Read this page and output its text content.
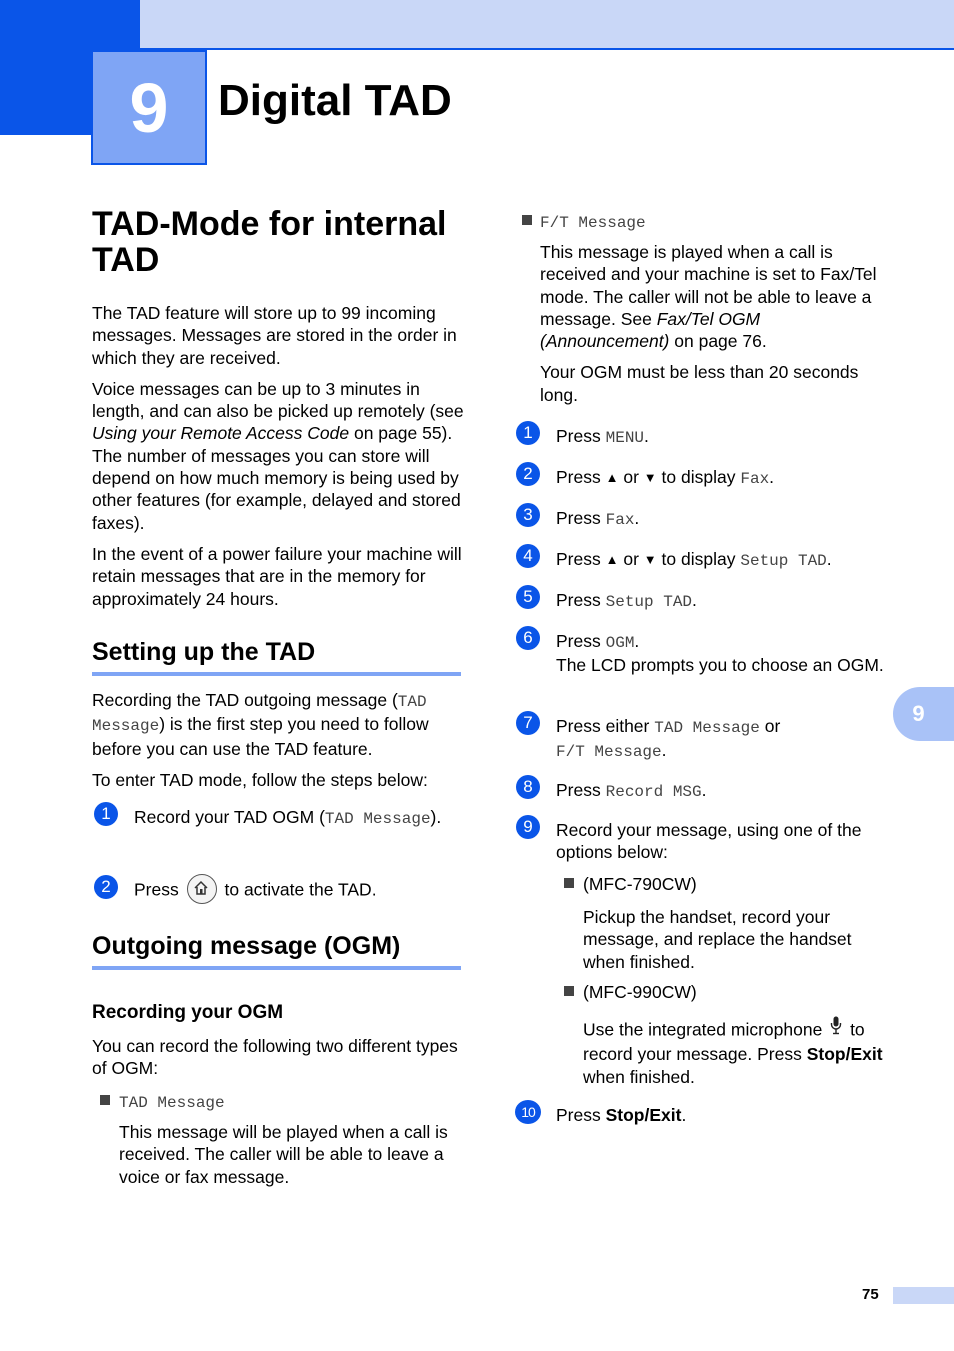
9 Digital TAD
TAD-Mode for internal TAD

The TAD feature will store up to 99 incoming messages. Messages are stored in the order in which they are received.

Voice messages can be up to 3 minutes in length, and can also be picked up remotely (see Using your Remote Access Code on page 55). The number of messages you can store will depend on how much memory is being used by other features (for example, delayed and stored faxes).

In the event of a power failure your machine will retain messages that are in the memory for approximately 24 hours.

Setting up the TAD

Recording the TAD outgoing message (TAD Message) is the first step you need to follow before you can use the TAD feature.

To enter TAD mode, follow the steps below:

1	Record your TAD OGM (TAD Message).
2	Press	to activate the TAD.
Outgoing message (OGM)
Recording your OGM
You can record the following two different types of OGM:
TAD Message
This message will be played when a call is received. The caller will be able to leave a voice or fax message.
F/T Message

This message is played when a call is received and your machine is set to Fax/Tel mode. The caller will not be able to leave a message. See Fax/Tel OGM (Announcement) on page 76.

Your OGM must be less than 20 seconds long.

1	Press MENU.
2	Press ▲ or ▼ to display Fax.
3	Press Fax.
4	Press ▲ or ▼ to display Setup TAD.
5	Press Setup TAD.
6	Press OGM.
The LCD prompts you to choose an OGM.
7	Press either TAD Message or
F/T Message.
8	Press Record MSG.
9	Record your message, using one of the options below:
(MFC-790CW)
Pickup the handset, record your message, and replace the handset when finished.
(MFC-990CW)
Use the integrated microphone to record your message. Press Stop/Exit when finished.
10	Press Stop/Exit.
9
75
